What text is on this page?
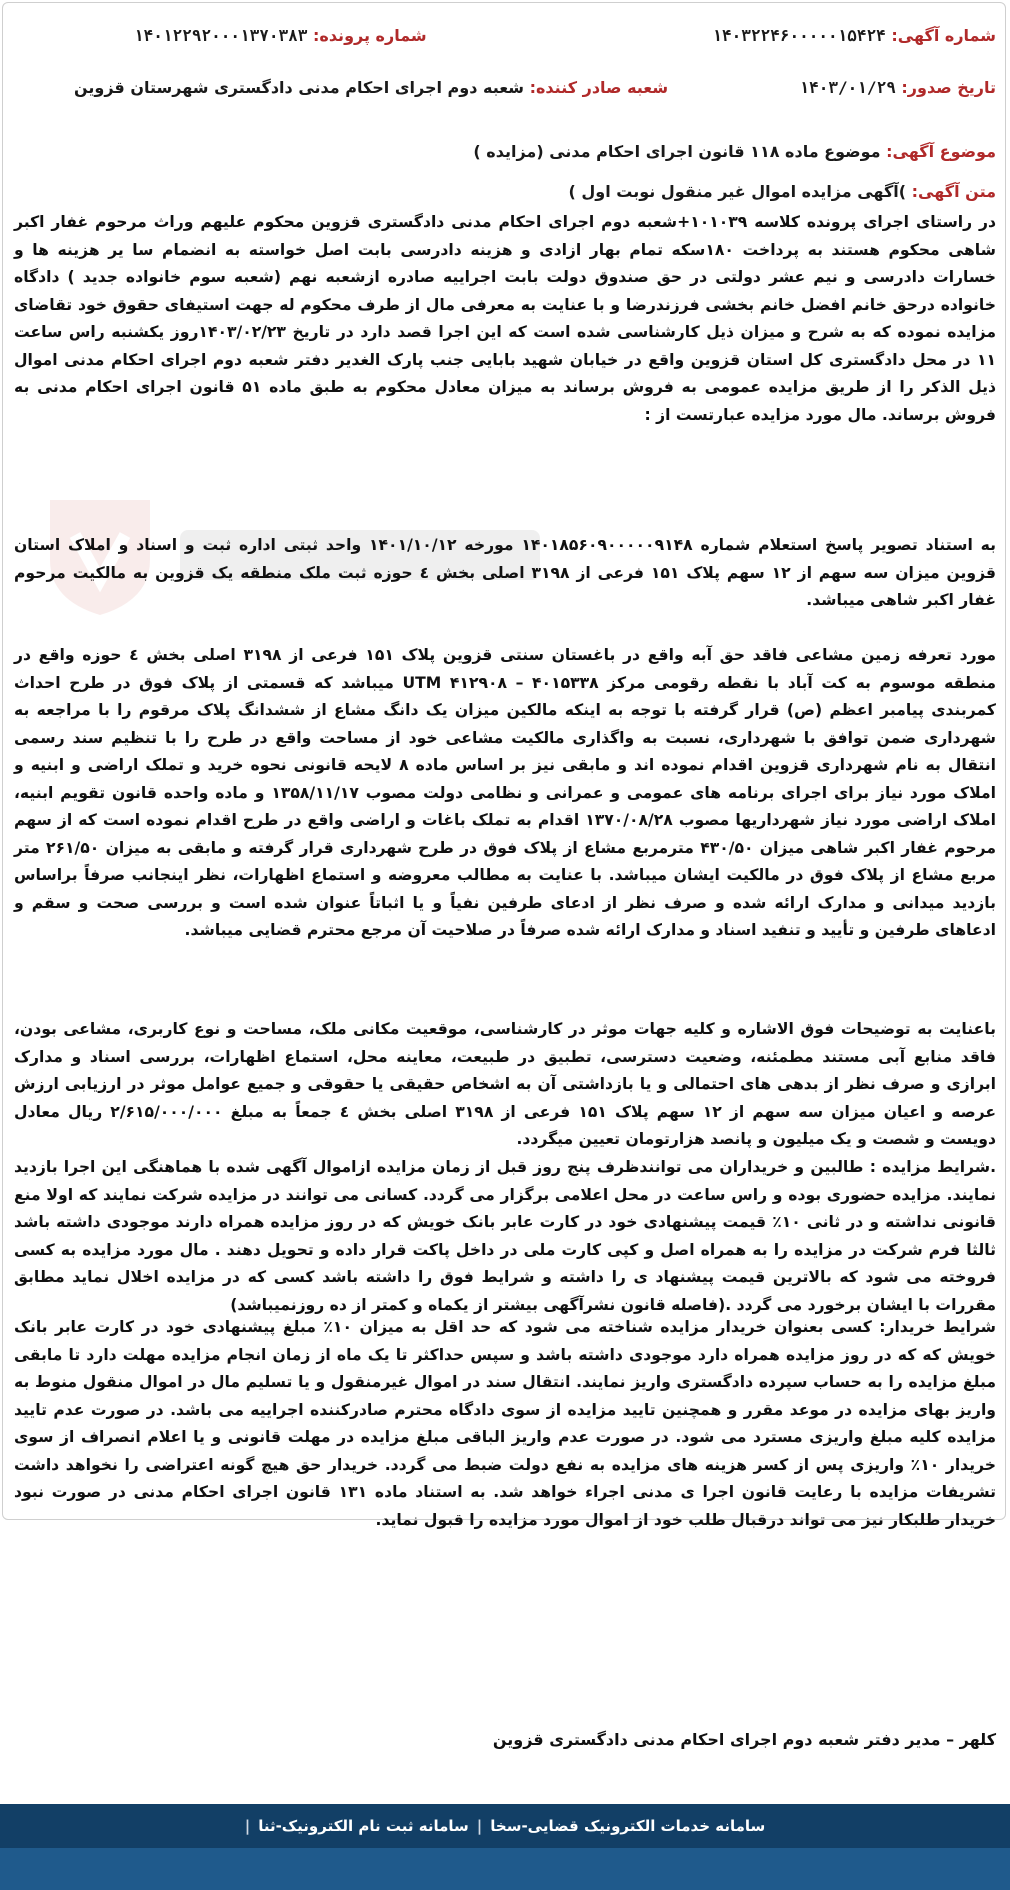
شماره آگهی: ۱۴۰۳۲۲۴۶۰۰۰۰۰۱۵۴۲۴
شماره پرونده: ۱۴۰۱۲۲۹۲۰۰۰۱۳۷۰۳۸۳
تاریخ صدور: ۱۴۰۳/۰۱/۲۹
شعبه صادر کننده: شعبه دوم اجرای احکام مدنی دادگستری شهرستان قزوین
موضوع آگهی: موضوع ماده ۱۱۸ قانون اجرای احکام مدنی (مزایده )
متن آگهی: )آگهی مزایده اموال غیر منقول نوبت اول )

در راستای اجرای پرونده کلاسه ۱۰۱۰۳۹+شعبه دوم اجرای احکام مدنی دادگستری قزوین محکوم علیهم وراث مرحوم غفار اکبر شاهی محکوم هستند به پرداخت ۱۸۰سکه تمام بهار ازادی و هزینه دادرسی بابت اصل خواسته به انضمام سا یر هزینه ها و خسارات دادرسی و نیم عشر دولتی در حق صندوق دولت بابت اجراییه صادره ازشعبه نهم (شعبه سوم خانواده جدید ) دادگاه خانواده درحق خانم افضل خانم بخشی فرزندرضا و با عنایت به معرفی مال از طرف محکوم له جهت استیفای حقوق خود تقاضای مزایده نموده که به شرح و میزان ذیل کارشناسی شده است که این اجرا قصد دارد در تاریخ ۱۴۰۳/۰۲/۲۳روز یکشنبه راس ساعت ۱۱ در محل دادگستری کل استان قزوین واقع در خیابان شهید بابایی جنب پارک الغدیر دفتر شعبه دوم اجرای احکام مدنی اموال ذیل الذکر را از طریق مزایده عمومی به فروش برساند به میزان معادل محکوم به طبق ماده ۵۱ قانون اجرای احکام مدنی به فروش برساند. مال مورد مزایده عبارتست از :

به استناد تصویر پاسخ استعلام شماره ۱۴۰۱۸۵۶۰۹۰۰۰۰۰۹۱۴۸ مورخه ۱۴۰۱/۱۰/۱۲ واحد ثبتی اداره ثبت و اسناد و املاک استان قزوین میزان سه سهم از ۱۲ سهم پلاک ۱۵۱ فرعی از ۳۱۹۸ اصلی بخش ٤ حوزه ثبت ملک منطقه یک قزوین به مالکیت مرحوم غفار اکبر شاهی میباشد.

مورد تعرفه زمین مشاعی فاقد حق آبه واقع در باغستان سنتی قزوین پلاک ۱۵۱ فرعی از ۳۱۹۸ اصلی بخش ٤ حوزه واقع در منطقه موسوم به کت آباد با نقطه رقومی مرکز UTM ۴۱۲۹۰۸ – ۴۰۱۵۳۳۸ میباشد که قسمتی از پلاک فوق در طرح احداث کمربندی پیامبر اعظم (ص) قرار گرفته با توجه به اینکه مالکین میزان یک دانگ مشاع از ششدانگ پلاک مرقوم را با مراجعه به شهرداری ضمن توافق با شهرداری، نسبت به واگذاری مالکیت مشاعی خود از مساحت واقع در طرح را با تنظیم سند رسمی انتقال به نام شهرداری قزوین اقدام نموده اند و مابقی نیز بر اساس ماده ۸ لایحه قانونی نحوه خرید و تملک اراضی و ابنیه و املاک مورد نیاز برای اجرای برنامه های عمومی و عمرانی و نظامی دولت مصوب ۱۳۵۸/۱۱/۱۷ و ماده واحده قانون تقویم ابنیه، املاک اراضی مورد نیاز شهرداریها مصوب ۱۳۷۰/۰۸/۲۸ اقدام به تملک باغات و اراضی واقع در طرح اقدام نموده است که از سهم مرحوم غفار اکبر شاهی میزان ۴۳۰/۵۰ مترمربع مشاع از پلاک فوق در طرح شهرداری قرار گرفته و مابقی به میزان ۲۶۱/۵۰ متر مربع مشاع از پلاک فوق در مالکیت ایشان میباشد. با عنایت به مطالب معروضه و استماع اظهارات، نظر اینجانب صرفاً براساس بازدید میدانی و مدارک ارائه شده و صرف نظر از ادعای طرفین نفیاً و یا اثباتاً عنوان شده است و بررسی صحت و سقم و ادعاهای طرفین و تأیید و تنفید اسناد و مدارک ارائه شده صرفاً در صلاحیت آن مرجع محترم قضایی میباشد.

باعنایت به توضیحات فوق الاشاره و کلیه جهات موثر در کارشناسی، موقعیت مکانی ملک، مساحت و نوع کاربری، مشاعی بودن، فاقد منابع آبی مستند مطمئنه، وضعیت دسترسی، تطبیق در طبیعت، معاینه محل، استماع اظهارات، بررسی اسناد و مدارک ابرازی و صرف نظر از بدهی های احتمالی و یا بازداشتی آن به اشخاص حقیقی یا حقوقی و جمیع عوامل موثر در ارزیابی ارزش عرصه و اعیان میزان سه سهم از ۱۲ سهم پلاک ۱۵۱ فرعی از ۳۱۹۸ اصلی بخش ٤ جمعاً به مبلغ ۲/۶۱۵/۰۰۰/۰۰۰ ریال معادل دویست و شصت و یک میلیون و پانصد هزارتومان تعیین میگردد.

.شرایط مزایده : طالبین و خریداران می توانندظرف پنج روز قبل از زمان مزایده ازاموال آگهی شده با هماهنگی این اجرا بازدید نمایند. مزایده حضوری بوده و راس ساعت در محل اعلامی برگزار می گردد. کسانی می توانند در مزایده شرکت نمایند که اولا منع قانونی نداشته و در ثانی ۱۰٪ قیمت پیشنهادی خود در کارت عابر بانک خویش که در روز مزایده همراه دارند موجودی داشته باشد ثالثا فرم شرکت در مزایده را به همراه اصل و کپی کارت ملی در داخل پاکت قرار داده و تحویل دهند . مال مورد مزایده به کسی فروخته می شود که بالاترین قیمت پیشنهاد ی را داشته و شرایط فوق را داشته باشد کسی که در مزایده اخلال نماید مطابق مقررات با ایشان برخورد می گردد .(فاصله قانون نشرآگهی بیشتر از یکماه و کمتر از ده روزنمیباشد)

شرایط خریدار: کسی بعنوان خریدار مزایده شناخته می شود که حد اقل به میزان ۱۰٪ مبلغ پیشنهادی خود در کارت عابر بانک خویش که که در روز مزایده همراه دارد موجودی داشته باشد و سپس حداکثر تا یک ماه از زمان انجام مزایده مهلت دارد تا مابقی مبلغ مزایده را به حساب سپرده دادگستری واریز نمایند. انتقال سند در اموال غیرمنقول و یا تسلیم مال در اموال منقول منوط به واریز بهای مزایده در موعد مقرر و همچنین تایید مزایده از سوی دادگاه محترم صادرکننده اجراییه می باشد. در صورت عدم تایید مزایده کلیه مبلغ واریزی مسترد می شود. در صورت عدم واریز الباقی مبلغ مزایده در مهلت قانونی و یا اعلام انصراف از سوی خریدار ۱۰٪ واریزی پس از کسر هزینه های مزایده به نفع دولت ضبط می گردد. خریدار حق هیچ گونه اعتراضی را نخواهد داشت تشریفات مزایده با رعایت قانون اجرا ی مدنی اجراء خواهد شد. به استناد ماده ۱۳۱ قانون اجرای احکام مدنی در صورت نبود خریدار طلبکار نیز می تواند درقبال طلب خود از اموال مورد مزایده را قبول نماید.

کلهر – مدیر دفتر شعبه دوم اجرای احکام مدنی دادگستری قزوین
سامانه خدمات الکترونیک قضایی-سخا
|
سامانه ثبت نام الکترونیک-ثنا
|
